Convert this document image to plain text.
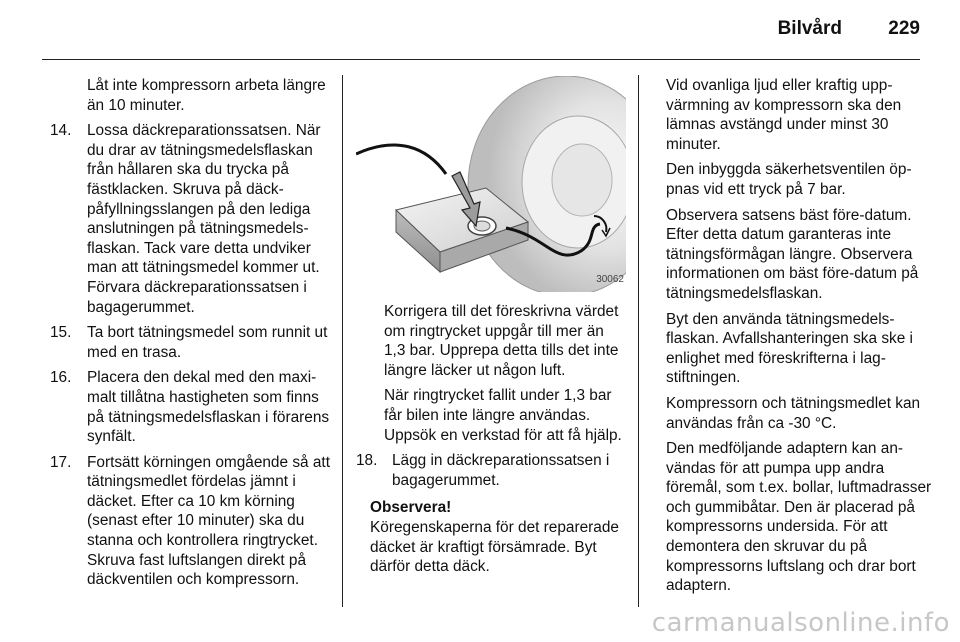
Bilvård 229
Låt inte kompressorn arbeta längre än 10 minuter.
14. Lossa däckreparationssatsen. När du drar av tätningsmedelsflaskan från hållaren ska du trycka på fästklacken. Skruva på däckpåfyllningsslangen på den lediga anslutningen på tätningsmedelsflaskan. Tack vare detta undviker man att tätningsmedel kommer ut. Förvara däckreparationssatsen i bagagerummet.
15. Ta bort tätningsmedel som runnit ut med en trasa.
16. Placera den dekal med den maximalt tillåtna hastigheten som finns på tätningsmedelsflaskan i förarens synfält.
17. Fortsätt körningen omgående så att tätningsmedlet fördelas jämnt i däcket. Efter ca 10 km körning (senast efter 10 minuter) ska du stanna och kontrollera ringtrycket. Skruva fast luftslangen direkt på däckventilen och kompressorn.
30062
Korrigera till det föreskrivna värdet om ringtrycket uppgår till mer än 1,3 bar. Upprepa detta tills det inte längre läcker ut någon luft.
När ringtrycket fallit under 1,3 bar får bilen inte längre användas. Uppsök en verkstad för att få hjälp.
18. Lägg in däckreparationssatsen i bagagerummet.
Observera!
Köregenskaperna för det reparerade däcket är kraftigt försämrade. Byt därför detta däck.
Vid ovanliga ljud eller kraftig uppvärmning av kompressorn ska den lämnas avstängd under minst 30 minuter.
Den inbyggda säkerhetsventilen öppnas vid ett tryck på 7 bar.
Observera satsens bäst före-datum. Efter detta datum garanteras inte tätningsförmågan längre. Observera informationen om bäst före-datum på tätningsmedelsflaskan.
Byt den använda tätningsmedelsflaskan. Avfallshanteringen ska ske i enlighet med föreskrifterna i lagstiftningen.
Kompressorn och tätningsmedlet kan användas från ca -30 °C.
Den medföljande adaptern kan användas för att pumpa upp andra föremål, som t.ex. bollar, luftmadrasser och gummibåtar. Den är placerad på kompressorns undersida. För att demontera den skruvar du på kompressorns luftslang och drar bort adaptern.
carmanualsonline.info
